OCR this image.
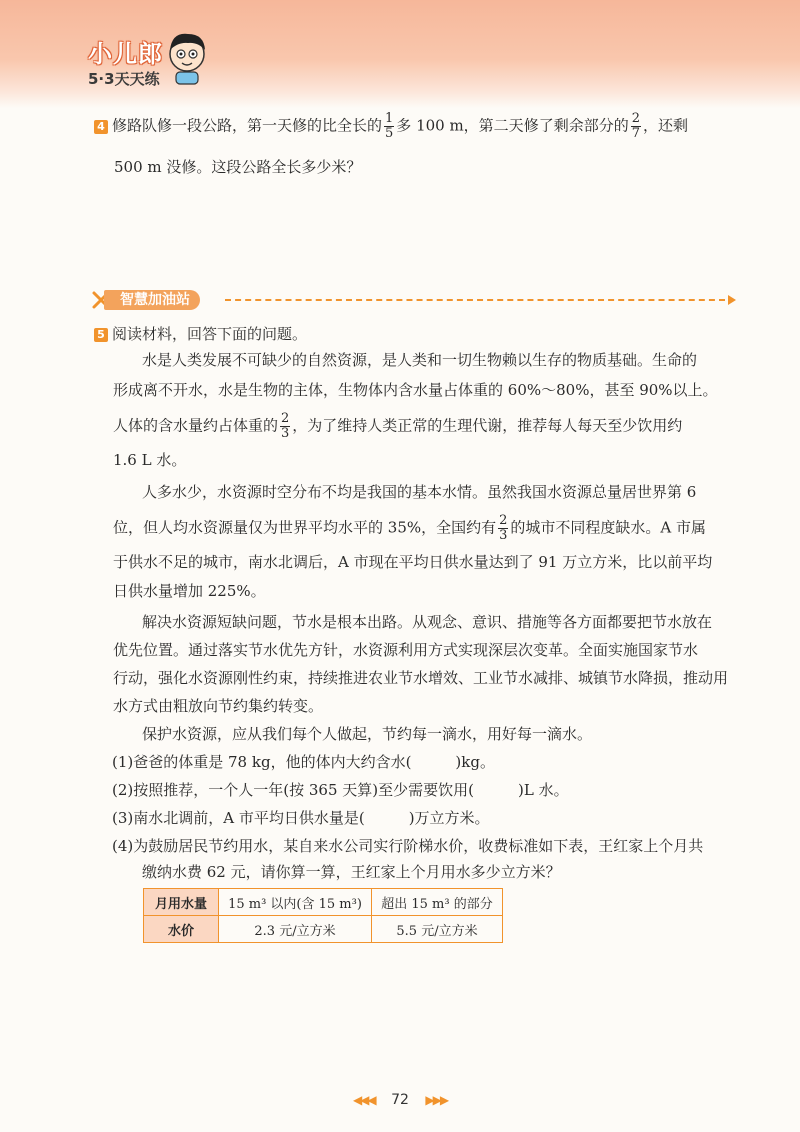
小儿郎
5·3天天练
4 修路队修一段公路，第一天修的比全长的 $\frac{1}{5}$ 多 100 m，第二天修了剩余部分的 $\frac{2}{7}$ ，还剩
500 m 没修。这段公路全长多少米？
智慧加油站
5 阅读材料，回答下面的问题。
水是人类发展不可缺少的自然资源，是人类和一切生物赖以生存的物质基础。生命的
形成离不开水，水是生物的主体，生物体内含水量占体重的 60%～80%，甚至 90%以上。
人体的含水量约占体重的 $\frac{2}{3}$ ，为了维持人类正常的生理代谢，推荐每人每天至少饮用约
1.6 L 水。
人多水少，水资源时空分布不均是我国的基本水情。虽然我国水资源总量居世界第 6
位，但人均水资源量仅为世界平均水平的 35%，全国约有 $\frac{2}{3}$ 的城市不同程度缺水。A 市属
于供水不足的城市，南水北调后，A 市现在平均日供水量达到了 91 万立方米，比以前平均
日供水量增加 225%。
解决水资源短缺问题，节水是根本出路。从观念、意识、措施等各方面都要把节水放在
优先位置。通过落实节水优先方针，水资源利用方式实现深层次变革。全面实施国家节水
行动，强化水资源刚性约束，持续推进农业节水增效、工业节水减排、城镇节水降损，推动用
水方式由粗放向节约集约转变。
保护水资源，应从我们每个人做起，节约每一滴水，用好每一滴水。
(1)爸爸的体重是 78 kg，他的体内大约含水(	)kg。
(2)按照推荐，一个人一年(按 365 天算)至少需要饮用(	)L 水。
(3)南水北调前，A 市平均日供水量是(	)万立方米。
(4)为鼓励居民节约用水，某自来水公司实行阶梯水价，收费标准如下表，王红家上个月共
缴纳水费 62 元，请你算一算，王红家上个月用水多少立方米？
月用水量	15 m³ 以内(含 15 m³)	超出 15 m³ 的部分
水价	2.3 元/立方米	5.5 元/立方米
◀◀◀ 72 ▶▶▶
